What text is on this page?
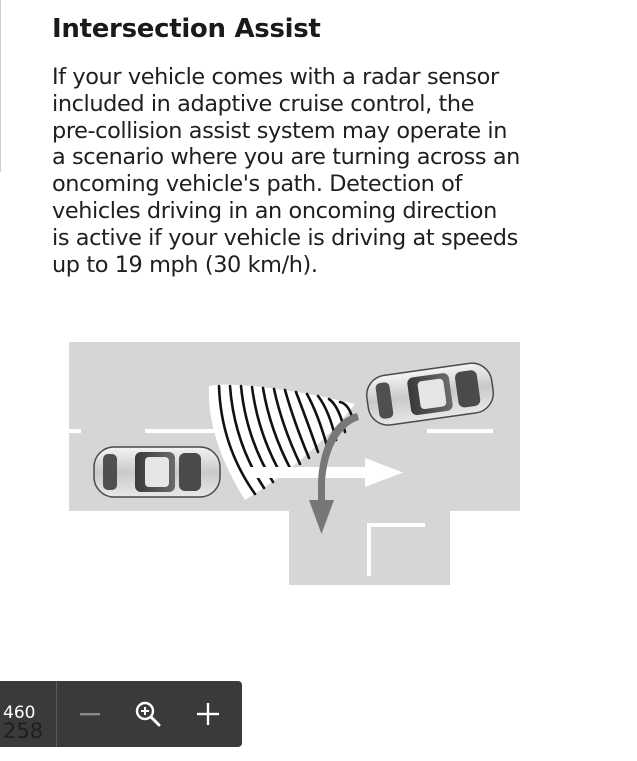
Intersection Assist

If your vehicle comes with a radar sensor
included in adaptive cruise control, the
pre-collision assist system may operate in
a scenario where you are turning across an
oncoming vehicle's path. Detection of
vehicles driving in an oncoming direction
is active if your vehicle is driving at speeds
up to 19 mph (30 km/h).

460
258
